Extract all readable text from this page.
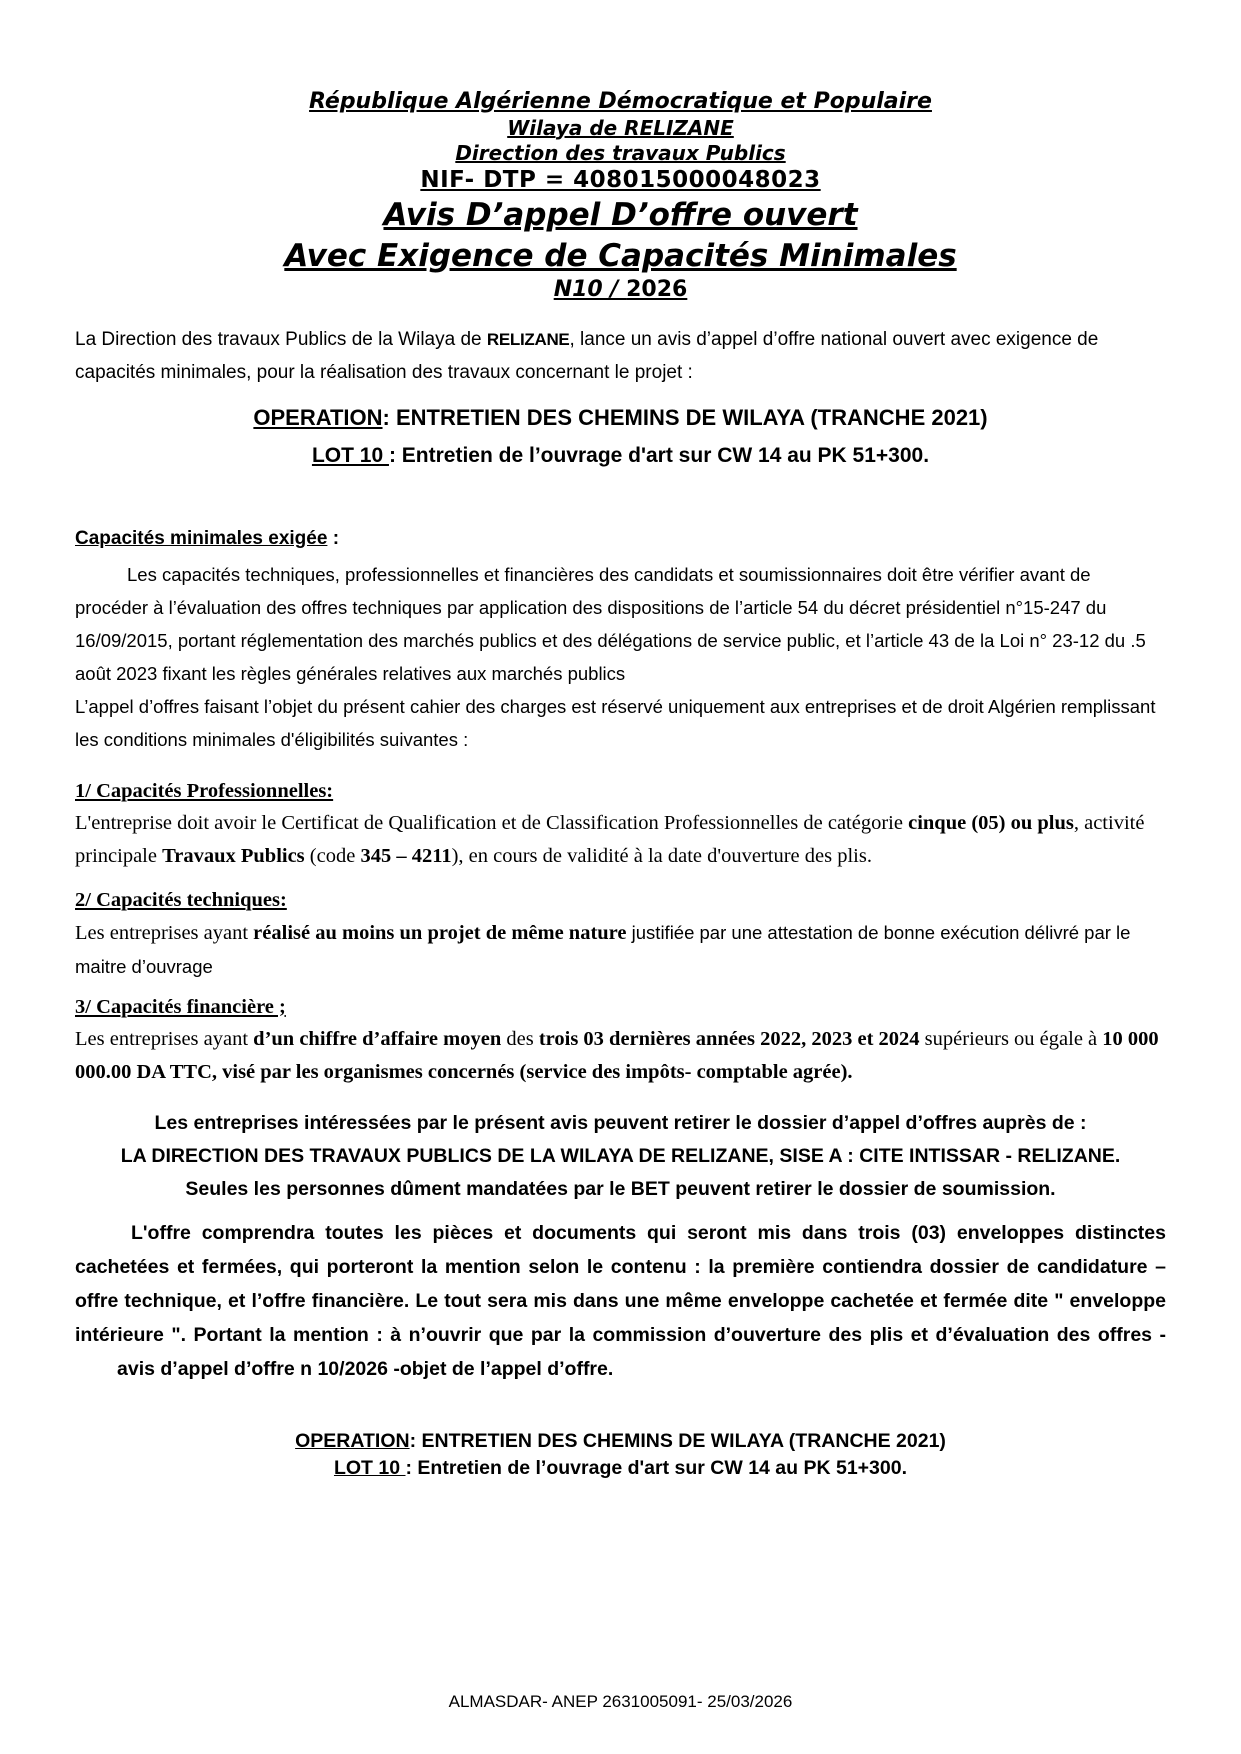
République Algérienne Démocratique et Populaire
Wilaya de RELIZANE
Direction des travaux Publics
NIF- DTP = 408015000048023
Avis D’appel D’offre ouvert
Avec Exigence de Capacités Minimales
N10 / 2026

La Direction des travaux Publics de la Wilaya de RELIZANE, lance un avis d’appel d’offre national ouvert avec exigence de capacités minimales, pour la réalisation des travaux concernant le projet :

OPERATION: ENTRETIEN DES CHEMINS DE WILAYA (TRANCHE 2021)
LOT 10 : Entretien de l’ouvrage d'art sur CW 14 au PK 51+300.
Capacités minimales exigée :

Les capacités techniques, professionnelles et financières des candidats et soumissionnaires doit être vérifier avant de procéder à l’évaluation des offres techniques par application des dispositions de l’article 54 du décret présidentiel n°15-247 du 16/09/2015, portant réglementation des marchés publics et des délégations de service public, et l’article 43 de la Loi n° 23-12 du .5 août 2023 fixant les règles générales relatives aux marchés publics

L’appel d’offres faisant l’objet du présent cahier des charges est réservé uniquement aux entreprises et de droit Algérien remplissant les conditions minimales d'éligibilités suivantes :

1/ Capacités Professionnelles:

L'entreprise doit avoir le Certificat de Qualification et de Classification Professionnelles de catégorie cinque (05) ou plus, activité principale Travaux Publics (code 345 – 4211), en cours de validité à la date d'ouverture des plis.

2/ Capacités techniques:

Les entreprises ayant réalisé au moins un projet de même nature justifiée par une attestation de bonne exécution délivré par le maitre d’ouvrage

3/ Capacités financière ;

Les entreprises ayant d’un chiffre d’affaire moyen des trois 03 dernières années 2022, 2023 et 2024 supérieurs ou égale à 10 000 000.00 DA TTC, visé par les organismes concernés (service des impôts- comptable agrée).

Les entreprises intéressées par le présent avis peuvent retirer le dossier d’appel d’offres auprès de :
LA DIRECTION DES TRAVAUX PUBLICS DE LA WILAYA DE RELIZANE, SISE A : CITE INTISSAR - RELIZANE.
Seules les personnes dûment mandatées par le BET peuvent retirer le dossier de soumission.

L'offre comprendra toutes les pièces et documents qui seront mis dans trois (03) enveloppes distinctes cachetées et fermées, qui porteront la mention selon le contenu : la première contiendra dossier de candidature –offre technique, et l’offre financière. Le tout sera mis dans une même enveloppe cachetée et fermée dite " enveloppe intérieure ". Portant la mention : à n’ouvrir que par la commission d’ouverture des plis et d’évaluation des offres -avis d’appel d’offre n 10/2026 -objet de l’appel d’offre.

OPERATION: ENTRETIEN DES CHEMINS DE WILAYA (TRANCHE 2021)
LOT 10 : Entretien de l’ouvrage d'art sur CW 14 au PK 51+300.
ALMASDAR- ANEP 2631005091- 25/03/2026
